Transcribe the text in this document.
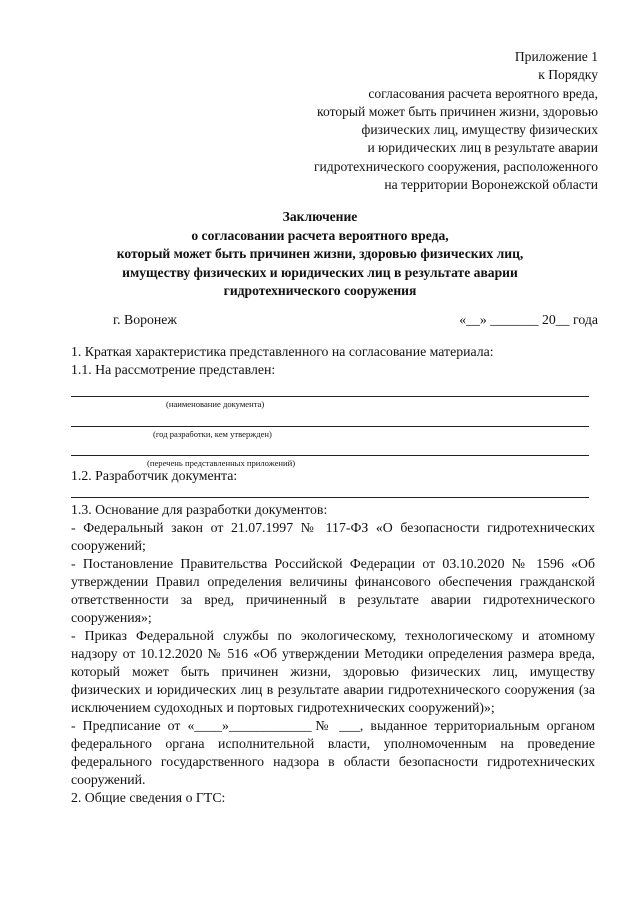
Приложение 1
к Порядку
согласования расчета вероятного вреда,
который может быть причинен жизни, здоровью
физических лиц, имуществу физических
и юридических лиц в результате аварии
гидротехнического сооружения, расположенного
на территории Воронежской области
Заключение
о согласовании расчета вероятного вреда,
который может быть причинен жизни, здоровью физических лиц,
имуществу физических и юридических лиц в результате аварии
гидротехнического сооружения
г. Воронеж	«__» _______ 20__ года

1. Краткая характеристика представленного на согласование материала:

1.1. На рассмотрение представлен:

(наименование документа)
(год разработки, кем утвержден)
(перечень представленных приложений)

1.2. Разработчик документа:

1.3. Основание для разработки документов:

- Федеральный закон от 21.07.1997 № 117-ФЗ «О безопасности гидротехнических сооружений;

- Постановление Правительства Российской Федерации от 03.10.2020 № 1596 «Об утверждении Правил определения величины финансового обеспечения гражданской ответственности за вред, причиненный в результате аварии гидротехнического сооружения»;

- Приказ Федеральной службы по экологическому, технологическому и атомному надзору от 10.12.2020 № 516 «Об утверждении Методики определения размера вреда, который может быть причинен жизни, здоровью физических лиц, имуществу физических и юридических лиц в результате аварии гидротехнического сооружения (за исключением судоходных и портовых гидротехнических сооружений)»;

- Предписание от «____»____________№ ___, выданное территориальным органом федерального органа исполнительной власти, уполномоченным на проведение федерального государственного надзора в области безопасности гидротехнических сооружений.

2. Общие сведения о ГТС:
